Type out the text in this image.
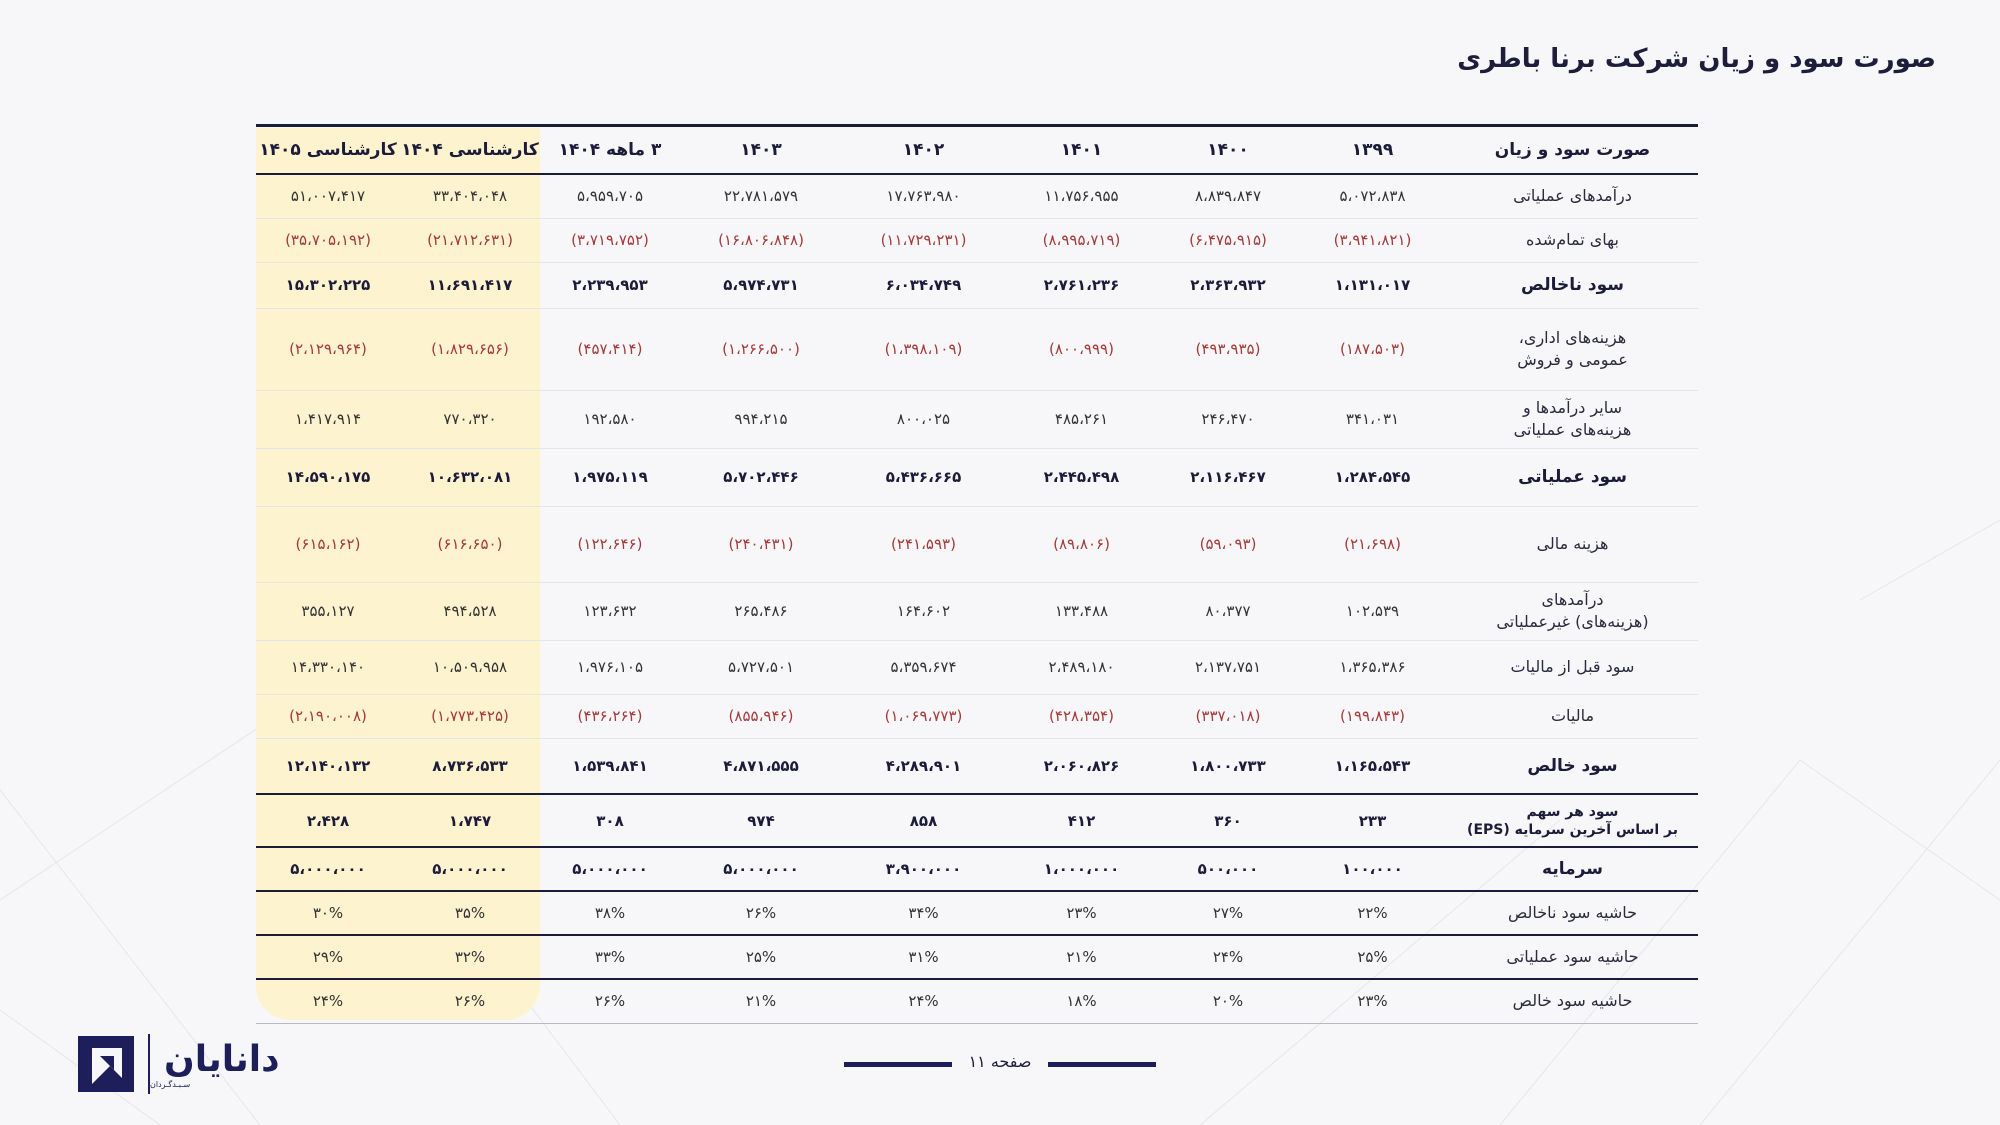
صورت سود و زیان شرکت برنا باطری
صورت سود و زیان	۱۳۹۹	۱۴۰۰	۱۴۰۱	۱۴۰۲	۱۴۰۳	۳ ماهه ۱۴۰۴	کارشناسی ۱۴۰۴	کارشناسی ۱۴۰۵
درآمدهای عملیاتی	۵،۰۷۲،۸۳۸	۸،۸۳۹،۸۴۷	۱۱،۷۵۶،۹۵۵	۱۷،۷۶۳،۹۸۰	۲۲،۷۸۱،۵۷۹	۵،۹۵۹،۷۰۵	۳۳،۴۰۴،۰۴۸	۵۱،۰۰۷،۴۱۷
بهای تمام‌شده	(۳،۹۴۱،۸۲۱)	(۶،۴۷۵،۹۱۵)	(۸،۹۹۵،۷۱۹)	(۱۱،۷۲۹،۲۳۱)	(۱۶،۸۰۶،۸۴۸)	(۳،۷۱۹،۷۵۲)	(۲۱،۷۱۲،۶۳۱)	(۳۵،۷۰۵،۱۹۲)
سود ناخالص	۱،۱۳۱،۰۱۷	۲،۳۶۳،۹۳۲	۲،۷۶۱،۲۳۶	۶،۰۳۴،۷۴۹	۵،۹۷۴،۷۳۱	۲،۲۳۹،۹۵۳	۱۱،۶۹۱،۴۱۷	۱۵،۳۰۲،۲۲۵
هزینه‌های اداری،
عمومی و فروش	(۱۸۷،۵۰۳)	(۴۹۳،۹۳۵)	(۸۰۰،۹۹۹)	(۱،۳۹۸،۱۰۹)	(۱،۲۶۶،۵۰۰)	(۴۵۷،۴۱۴)	(۱،۸۲۹،۶۵۶)	(۲،۱۲۹،۹۶۴)
سایر درآمدها و
هزینه‌های عملیاتی	۳۴۱،۰۳۱	۲۴۶،۴۷۰	۴۸۵،۲۶۱	۸۰۰،۰۲۵	۹۹۴،۲۱۵	۱۹۲،۵۸۰	۷۷۰،۳۲۰	۱،۴۱۷،۹۱۴
سود عملیاتی	۱،۲۸۴،۵۴۵	۲،۱۱۶،۴۶۷	۲،۴۴۵،۴۹۸	۵،۴۳۶،۶۶۵	۵،۷۰۲،۴۴۶	۱،۹۷۵،۱۱۹	۱۰،۶۳۲،۰۸۱	۱۴،۵۹۰،۱۷۵
هزینه مالی	(۲۱،۶۹۸)	(۵۹،۰۹۳)	(۸۹،۸۰۶)	(۲۴۱،۵۹۳)	(۲۴۰،۴۳۱)	(۱۲۲،۶۴۶)	(۶۱۶،۶۵۰)	(۶۱۵،۱۶۲)
درآمدهای
(هزینه‌های) غیرعملیاتی	۱۰۲،۵۳۹	۸۰،۳۷۷	۱۳۳،۴۸۸	۱۶۴،۶۰۲	۲۶۵،۴۸۶	۱۲۳،۶۳۲	۴۹۴،۵۲۸	۳۵۵،۱۲۷
سود قبل از مالیات	۱،۳۶۵،۳۸۶	۲،۱۳۷،۷۵۱	۲،۴۸۹،۱۸۰	۵،۳۵۹،۶۷۴	۵،۷۲۷،۵۰۱	۱،۹۷۶،۱۰۵	۱۰،۵۰۹،۹۵۸	۱۴،۳۳۰،۱۴۰
مالیات	(۱۹۹،۸۴۳)	(۳۳۷،۰۱۸)	(۴۲۸،۳۵۴)	(۱،۰۶۹،۷۷۳)	(۸۵۵،۹۴۶)	(۴۳۶،۲۶۴)	(۱،۷۷۳،۴۲۵)	(۲،۱۹۰،۰۰۸)
سود خالص	۱،۱۶۵،۵۴۳	۱،۸۰۰،۷۳۳	۲،۰۶۰،۸۲۶	۴،۲۸۹،۹۰۱	۴،۸۷۱،۵۵۵	۱،۵۳۹،۸۴۱	۸،۷۳۶،۵۳۳	۱۲،۱۴۰،۱۳۲
سود هر سهم
بر اساس آخرین سرمایه (EPS)	۲۳۳	۳۶۰	۴۱۲	۸۵۸	۹۷۴	۳۰۸	۱،۷۴۷	۲،۴۲۸
سرمایه	۱۰۰،۰۰۰	۵۰۰،۰۰۰	۱،۰۰۰،۰۰۰	۳،۹۰۰،۰۰۰	۵،۰۰۰،۰۰۰	۵،۰۰۰،۰۰۰	۵،۰۰۰،۰۰۰	۵،۰۰۰،۰۰۰
حاشیه سود ناخالص	۲۲%	۲۷%	۲۳%	۳۴%	۲۶%	۳۸%	۳۵%	۳۰%
حاشیه سود عملیاتی	۲۵%	۲۴%	۲۱%	۳۱%	۲۵%	۳۳%	۳۲%	۲۹%
حاشیه سود خالص	۲۳%	۲۰%	۱۸%	۲۴%	۲۱%	۲۶%	۲۶%	۲۴%
صفحه ۱۱
دانایان
سـبـدگـردان
